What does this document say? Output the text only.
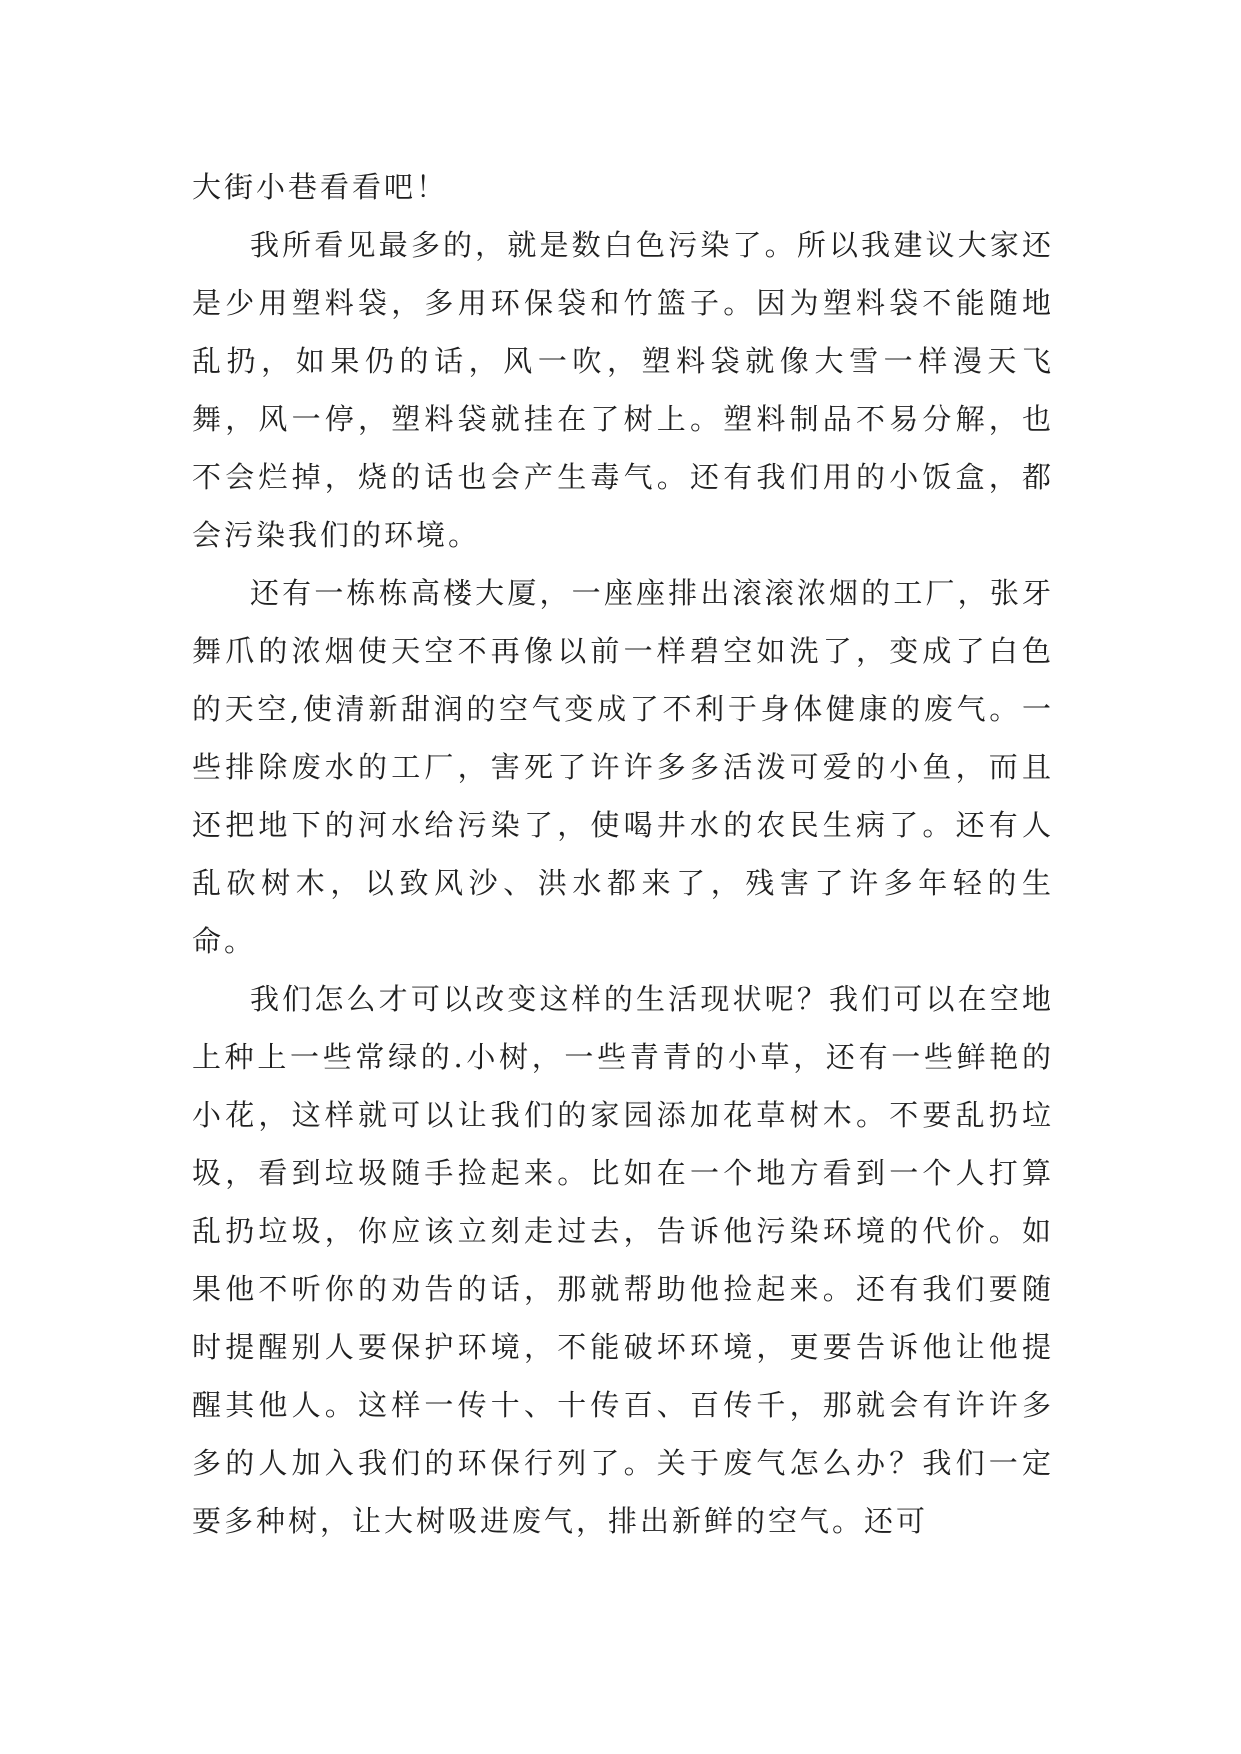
大街小巷看看吧！

我所看见最多的，就是数白色污染了。所以我建议大家还是少用塑料袋，多用环保袋和竹篮子。因为塑料袋不能随地乱扔，如果仍的话，风一吹，塑料袋就像大雪一样漫天飞舞，风一停，塑料袋就挂在了树上。塑料制品不易分解，也不会烂掉，烧的话也会产生毒气。还有我们用的小饭盒，都会污染我们的环境。

还有一栋栋高楼大厦，一座座排出滚滚浓烟的工厂，张牙舞爪的浓烟使天空不再像以前一样碧空如洗了，变成了白色的天空,使清新甜润的空气变成了不利于身体健康的废气。一些排除废水的工厂，害死了许许多多活泼可爱的小鱼，而且还把地下的河水给污染了，使喝井水的农民生病了。还有人乱砍树木，以致风沙、洪水都来了，残害了许多年轻的生命。

我们怎么才可以改变这样的生活现状呢？我们可以在空地上种上一些常绿的.小树，一些青青的小草，还有一些鲜艳的小花，这样就可以让我们的家园添加花草树木。不要乱扔垃圾，看到垃圾随手捡起来。比如在一个地方看到一个人打算乱扔垃圾，你应该立刻走过去，告诉他污染环境的代价。如果他不听你的劝告的话，那就帮助他捡起来。还有我们要随时提醒别人要保护环境，不能破坏环境，更要告诉他让他提醒其他人。这样一传十、十传百、百传千，那就会有许许多多的人加入我们的环保行列了。关于废气怎么办？我们一定要多种树，让大树吸进废气，排出新鲜的空气。还可
